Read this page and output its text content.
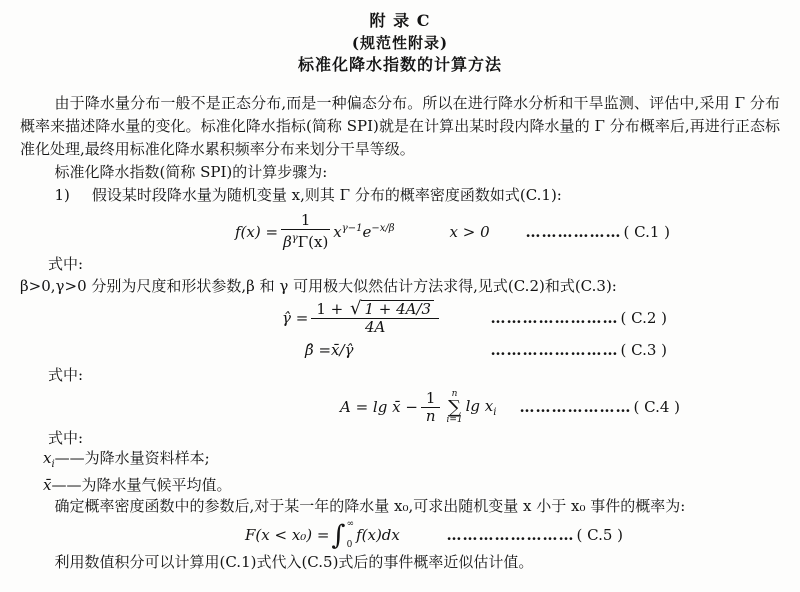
附 录 C
(规范性附录)
标准化降水指数的计算方法

由于降水量分布一般不是正态分布,而是一种偏态分布。所以在进行降水分析和干旱监测、评估中,采用 Γ 分布概率来描述降水量的变化。标准化降水指标(简称 SPI)就是在计算出某时段内降水量的 Γ 分布概率后,再进行正态标准化处理,最终用标准化降水累积频率分布来划分干旱等级。

标准化降水指数(简称 SPI)的计算步骤为:

1) 假设某时段降水量为随机变量 x,则其 Γ 分布的概率密度函数如式(C.1):

$f(x) = \frac{1}{\beta^\gamma\Gamma(x)} x^{\gamma-1}$ $e^{-x/\beta}$	x > 0 ……………… ( C.1 )

式中:

β>0,γ>0 分别为尺度和形状参数,β 和 γ 可用极大似然估计方法求得,见式(C.2)和式(C.3):

γ̂ = $\frac{1 + √ 1 + 4A/3}{4A}$	…………………… ( C.2 )
β̂ = x̄/γ̂	…………………… ( C.3 )

式中:

A = lg x̄ − $\frac{1}{n}$ n
∑
i=1
$\lg x_i$ ………………… ( C.4 )

式中:

$x_i——$为降水量资料样本;

x̄——为降水量气候平均值。

确定概率密度函数中的参数后,对于某一年的降水量 x₀,可求出随机变量 x 小于 x₀ 事件的概率为:

F(x < x₀) = ∫ ∞
0
f(x)dx	…………………… ( C.5 )

利用数值积分可以计算用(C.1)式代入(C.5)式后的事件概率近似估计值。
